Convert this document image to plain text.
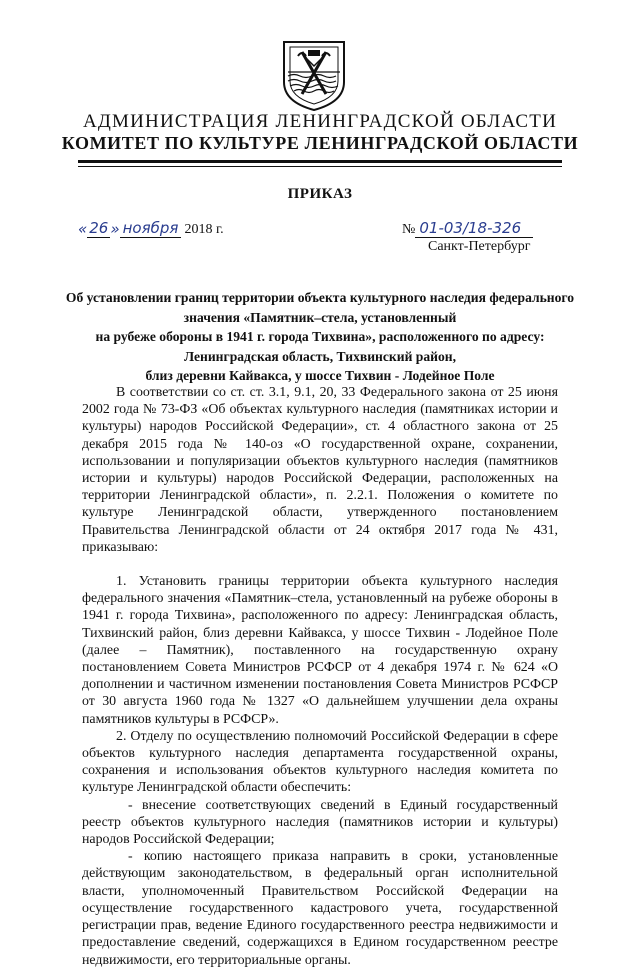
АДМИНИСТРАЦИЯ ЛЕНИНГРАДСКОЙ ОБЛАСТИ
КОМИТЕТ ПО КУЛЬТУРЕ ЛЕНИНГРАДСКОЙ ОБЛАСТИ
ПРИКАЗ
« 26 » ноября 2018 г.	№ 01-03/18-326
Санкт-Петербург
Об установлении границ территории объекта культурного наследия федерального
значения «Памятник–стела, установленный
на рубеже обороны в 1941 г. города Тихвина», расположенного по адресу:
Ленинградская область, Тихвинский район,
близ деревни Кайвакса, у шоссе Тихвин - Лодейное Поле

В соответствии со ст. ст. 3.1, 9.1, 20, 33 Федерального закона от 25 июня 2002 года № 73-ФЗ «Об объектах культурного наследия (памятниках истории и культуры) народов Российской Федерации», ст. 4 областного закона от 25 декабря 2015 года № 140-оз «О государственной охране, сохранении, использовании и популяризации объектов культурного наследия (памятников истории и культуры) народов Российской Федерации, расположенных на территории Ленинградской области», п. 2.2.1. Положения о комитете по культуре Ленинградской области, утвержденного постановлением Правительства Ленинградской области от 24 октября 2017 года № 431, приказываю:

1. Установить границы территории объекта культурного наследия федерального значения «Памятник–стела, установленный на рубеже обороны в 1941 г. города Тихвина», расположенного по адресу: Ленинградская область, Тихвинский район, близ деревни Кайвакса, у шоссе Тихвин - Лодейное Поле (далее – Памятник), поставленного на государственную охрану постановлением Совета Министров РСФСР от 4 декабря 1974 г. № 624 «О дополнении и частичном изменении постановления Совета Министров РСФСР от 30 августа 1960 года № 1327 «О дальнейшем улучшении дела охраны памятников культуры в РСФСР».

2. Отделу по осуществлению полномочий Российской Федерации в сфере объектов культурного наследия департамента государственной охраны, сохранения и использования объектов культурного наследия комитета по культуре Ленинградской области обеспечить:

- внесение соответствующих сведений в Единый государственный реестр объектов культурного наследия (памятников истории и культуры) народов Российской Федерации;

- копию настоящего приказа направить в сроки, установленные действующим законодательством, в федеральный орган исполнительной власти, уполномоченный Правительством Российской Федерации на осуществление государственного кадастрового учета, государственной регистрации прав, ведение Единого государственного реестра недвижимости и предоставление сведений, содержащихся в Едином государственном реестре недвижимости, его территориальные органы.
